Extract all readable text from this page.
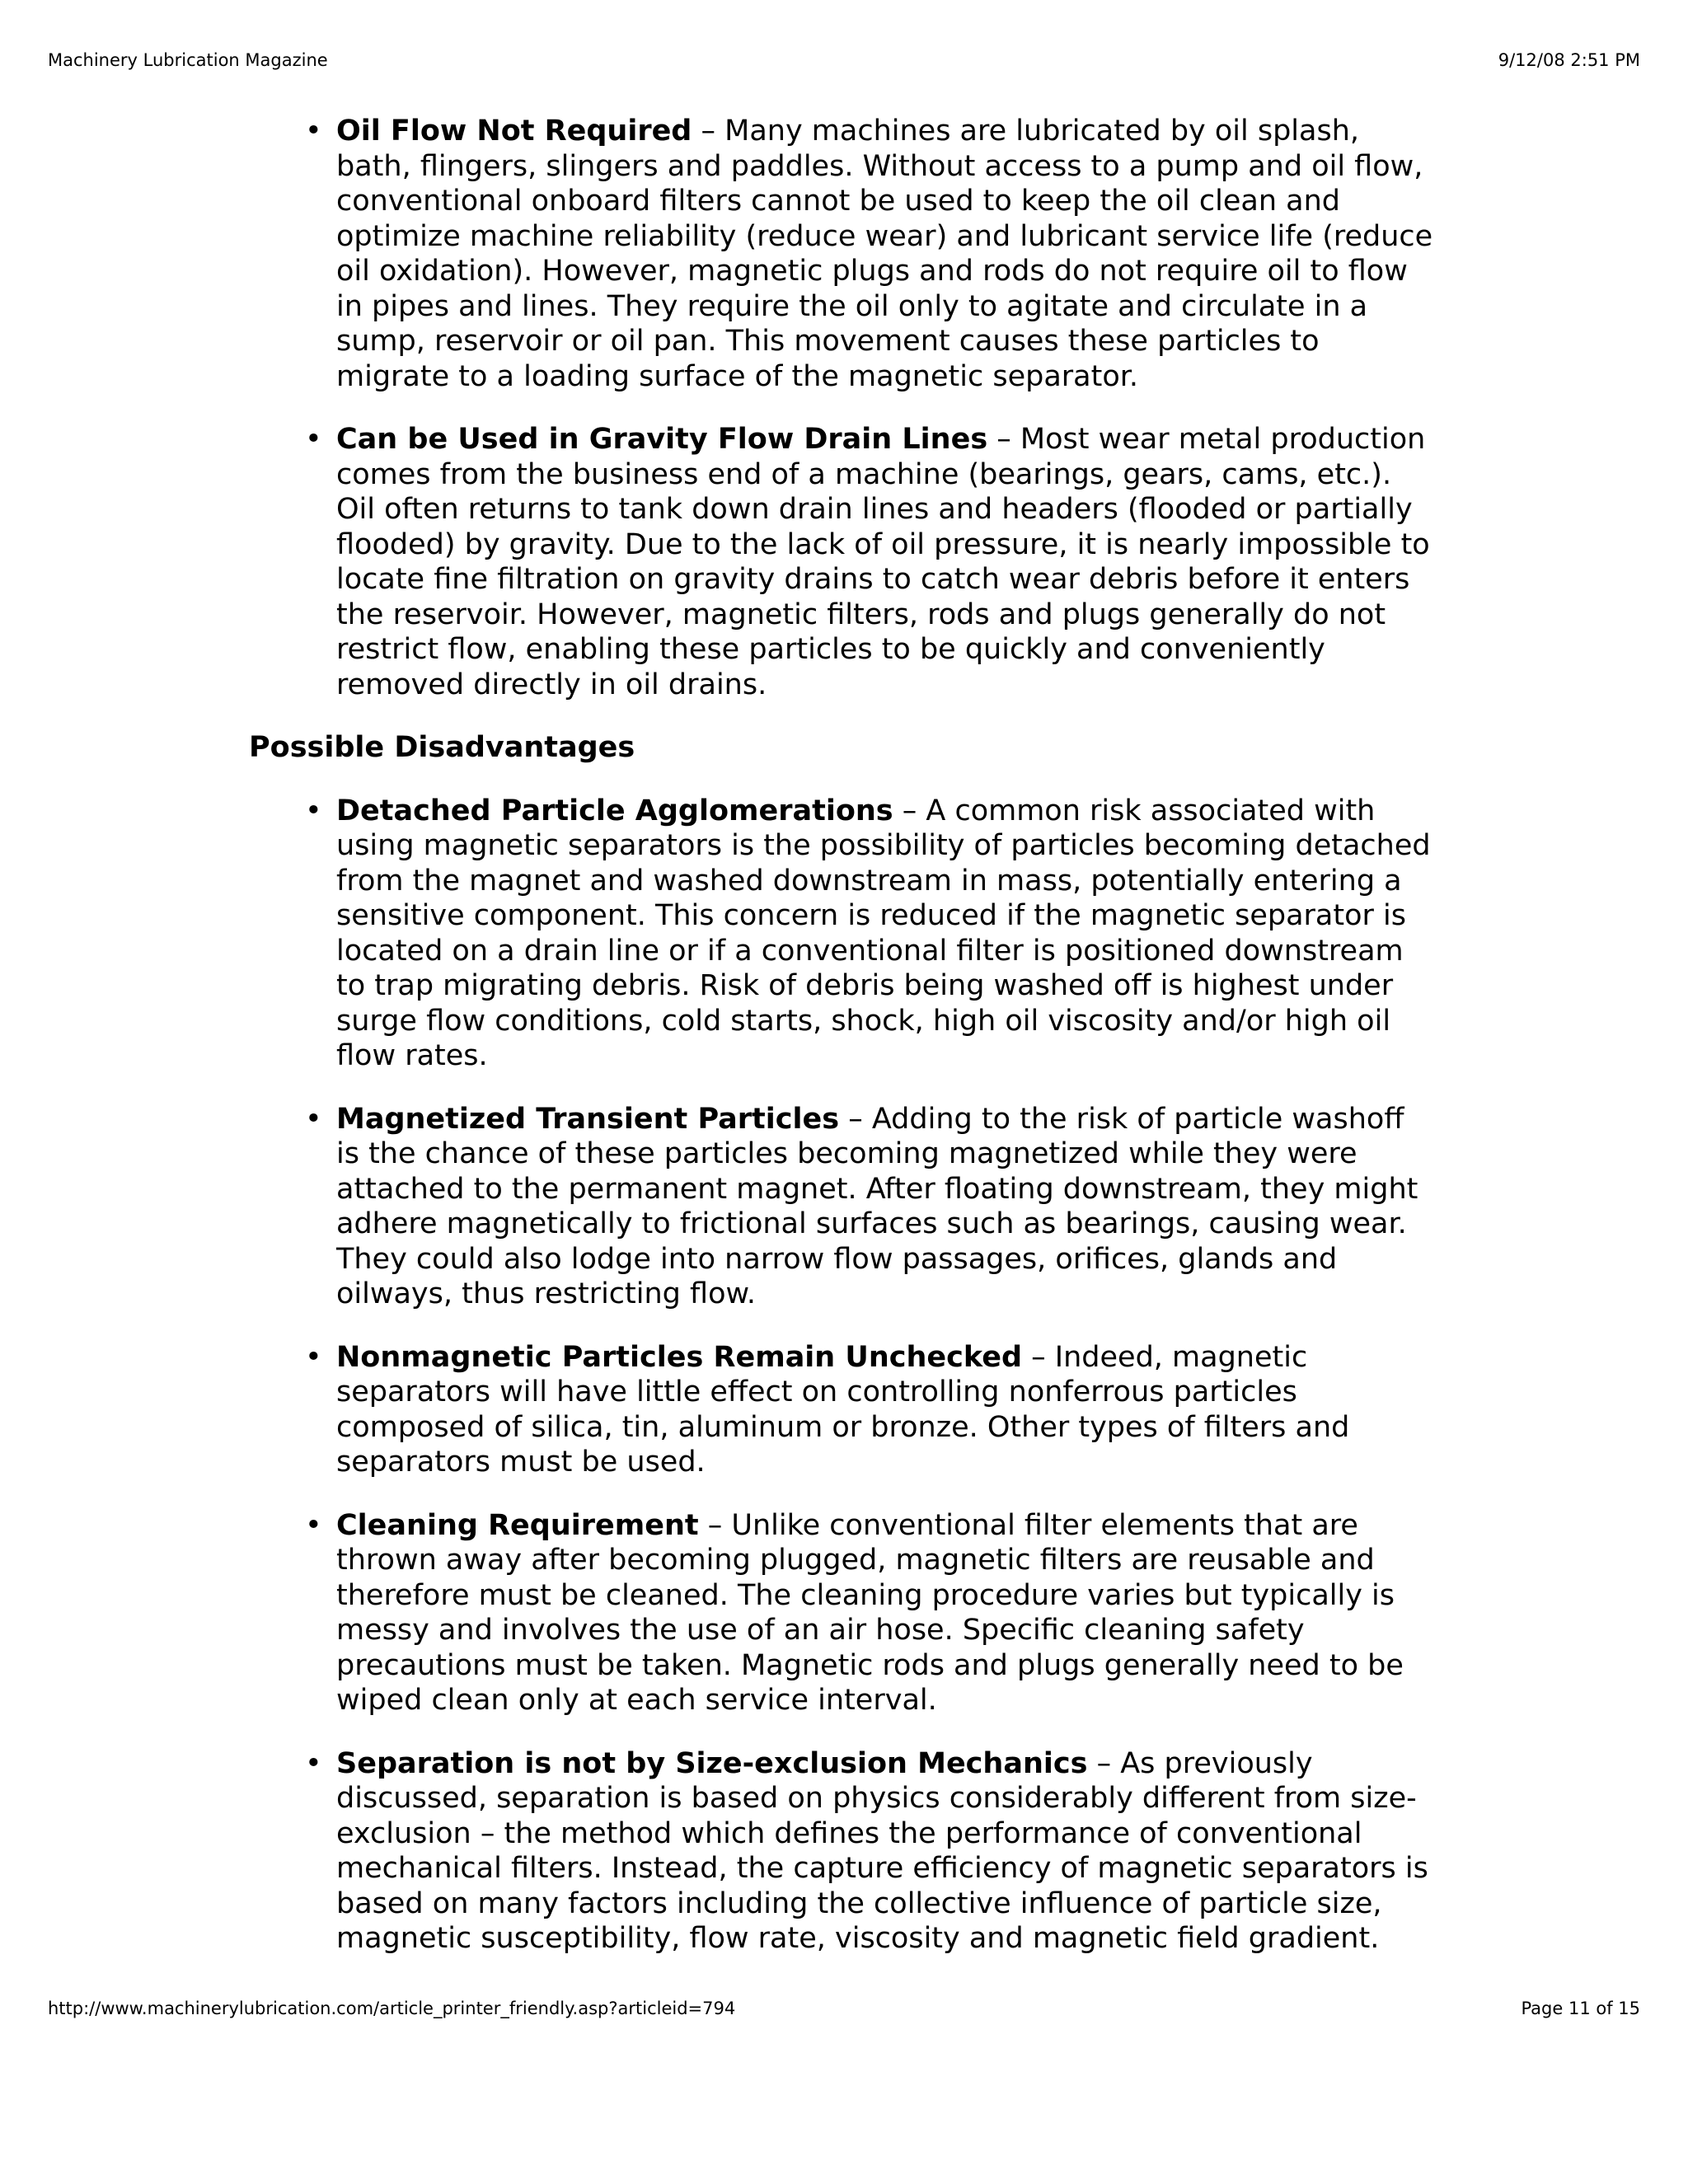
Machinery Lubrication Magazine	9/12/08 2:51 PM
• Oil Flow Not Required – Many machines are lubricated by oil splash, bath, flingers, slingers and paddles. Without access to a pump and oil flow, conventional onboard filters cannot be used to keep the oil clean and optimize machine reliability (reduce wear) and lubricant service life (reduce oil oxidation). However, magnetic plugs and rods do not require oil to flow in pipes and lines. They require the oil only to agitate and circulate in a sump, reservoir or oil pan. This movement causes these particles to migrate to a loading surface of the magnetic separator.
• Can be Used in Gravity Flow Drain Lines – Most wear metal production comes from the business end of a machine (bearings, gears, cams, etc.). Oil often returns to tank down drain lines and headers (flooded or partially flooded) by gravity. Due to the lack of oil pressure, it is nearly impossible to locate fine filtration on gravity drains to catch wear debris before it enters the reservoir. However, magnetic filters, rods and plugs generally do not restrict flow, enabling these particles to be quickly and conveniently removed directly in oil drains.
Possible Disadvantages
• Detached Particle Agglomerations – A common risk associated with using magnetic separators is the possibility of particles becoming detached from the magnet and washed downstream in mass, potentially entering a sensitive component. This concern is reduced if the magnetic separator is located on a drain line or if a conventional filter is positioned downstream to trap migrating debris. Risk of debris being washed off is highest under surge flow conditions, cold starts, shock, high oil viscosity and/or high oil flow rates.
• Magnetized Transient Particles – Adding to the risk of particle washoff is the chance of these particles becoming magnetized while they were attached to the permanent magnet. After floating downstream, they might adhere magnetically to frictional surfaces such as bearings, causing wear. They could also lodge into narrow flow passages, orifices, glands and oilways, thus restricting flow.
• Nonmagnetic Particles Remain Unchecked – Indeed, magnetic separators will have little effect on controlling nonferrous particles composed of silica, tin, aluminum or bronze. Other types of filters and separators must be used.
• Cleaning Requirement – Unlike conventional filter elements that are thrown away after becoming plugged, magnetic filters are reusable and therefore must be cleaned. The cleaning procedure varies but typically is messy and involves the use of an air hose. Specific cleaning safety precautions must be taken. Magnetic rods and plugs generally need to be wiped clean only at each service interval.
• Separation is not by Size-exclusion Mechanics – As previously discussed, separation is based on physics considerably different from size-exclusion – the method which defines the performance of conventional mechanical filters. Instead, the capture efficiency of magnetic separators is based on many factors including the collective influence of particle size, magnetic susceptibility, flow rate, viscosity and magnetic field gradient.
http://www.machinerylubrication.com/article_printer_friendly.asp?articleid=794	Page 11 of 15
